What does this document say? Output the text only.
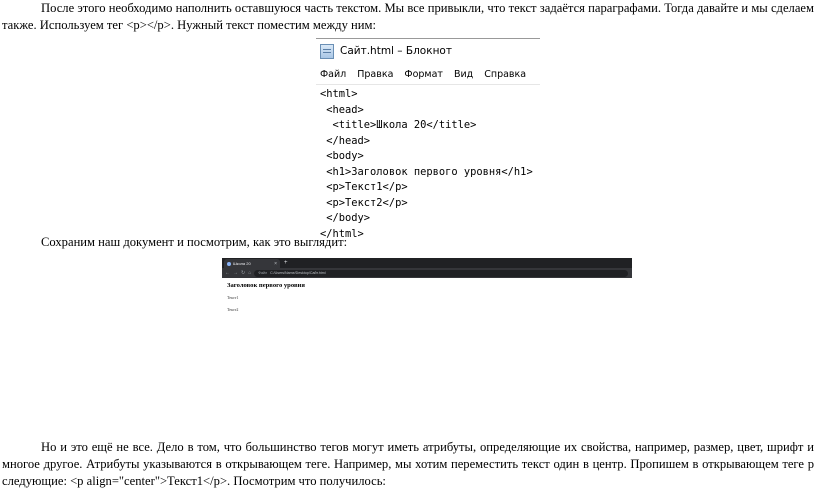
После этого необходимо наполнить оставшуюся часть текстом. Мы все привыкли, что текст задаётся параграфами. Тогда давайте и мы сделаем также. Используем тег <p></p>. Нужный текст поместим между ним:

Сайт.html – Блокнот
Файл Правка Формат Вид Справка
<html>
<head>
<title>Школа 20</title>
</head>
<body>
<h1>Заголовок первого уровня</h1>
<p>Текст1</p>
<p>Текст2</p>
</body>
</html>

Сохраним наш документ и посмотрим, как это выглядит:

Школа 20	× +
← → ↻ ⌂ Файл C:/Users/Name/Desktop/Сайт.html
Заголовок первого уровня
Текст1
Текст2

Но и это ещё не все. Дело в том, что большинство тегов могут иметь атрибуты, определяющие их свойства, например, размер, цвет, шрифт и многое другое. Атрибуты указываются в открывающем теге. Например, мы хотим переместить текст один в центр. Пропишем в открывающем теге р следующие: <p align="center">Текст1</p>. Посмотрим что получилось:
